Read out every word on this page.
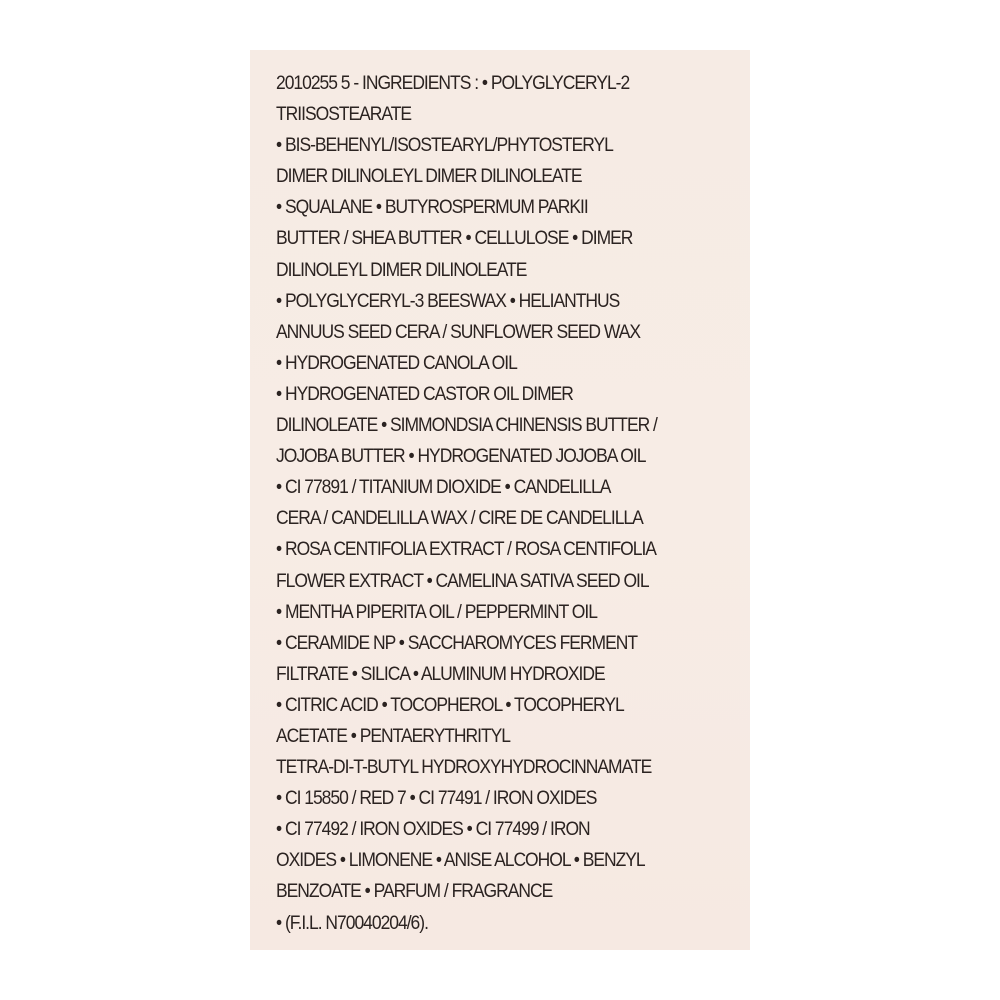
2010255 5 - INGREDIENTS : • POLYGLYCERYL-2
TRIISOSTEARATE
• BIS-BEHENYL/ISOSTEARYL/PHYTOSTERYL
DIMER DILINOLEYL DIMER DILINOLEATE
• SQUALANE • BUTYROSPERMUM PARKII
BUTTER / SHEA BUTTER • CELLULOSE • DIMER
DILINOLEYL DIMER DILINOLEATE
• POLYGLYCERYL-3 BEESWAX • HELIANTHUS
ANNUUS SEED CERA / SUNFLOWER SEED WAX
• HYDROGENATED CANOLA OIL
• HYDROGENATED CASTOR OIL DIMER
DILINOLEATE • SIMMONDSIA CHINENSIS BUTTER /
JOJOBA BUTTER • HYDROGENATED JOJOBA OIL
• CI 77891 / TITANIUM DIOXIDE • CANDELILLA
CERA / CANDELILLA WAX / CIRE DE CANDELILLA
• ROSA CENTIFOLIA EXTRACT / ROSA CENTIFOLIA
FLOWER EXTRACT • CAMELINA SATIVA SEED OIL
• MENTHA PIPERITA OIL / PEPPERMINT OIL
• CERAMIDE NP • SACCHAROMYCES FERMENT
FILTRATE • SILICA • ALUMINUM HYDROXIDE
• CITRIC ACID • TOCOPHEROL • TOCOPHERYL
ACETATE • PENTAERYTHRITYL
TETRA-DI-T-BUTYL HYDROXYHYDROCINNAMATE
• CI 15850 / RED 7 • CI 77491 / IRON OXIDES
• CI 77492 / IRON OXIDES • CI 77499 / IRON
OXIDES • LIMONENE • ANISE ALCOHOL • BENZYL
BENZOATE • PARFUM / FRAGRANCE
• (F.I.L. N70040204/6).
